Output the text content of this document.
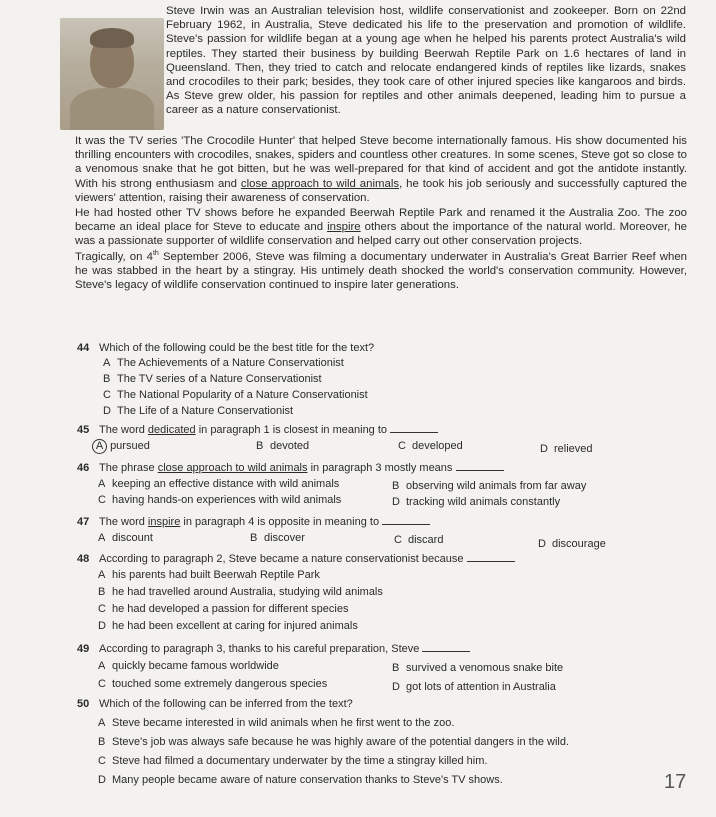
Steve Irwin was an Australian television host, wildlife conservationist and zookeeper. Born on 22nd February 1962, in Australia, Steve dedicated his life to the preservation and promotion of wildlife. Steve's passion for wildlife began at a young age when he helped his parents protect Australia's wild reptiles. They started their business by building Beerwah Reptile Park on 1.6 hectares of land in Queensland. Then, they tried to catch and relocate endangered kinds of reptiles like lizards, snakes and crocodiles to their park; besides, they took care of other injured species like kangaroos and birds. As Steve grew older, his passion for reptiles and other animals deepened, leading him to pursue a career as a nature conservationist.

It was the TV series 'The Crocodile Hunter' that helped Steve become internationally famous. His show documented his thrilling encounters with crocodiles, snakes, spiders and countless other creatures. In some scenes, Steve got so close to a venomous snake that he got bitten, but he was well-prepared for that kind of accident and got the antidote instantly. With his strong enthusiasm and close approach to wild animals, he took his job seriously and successfully captured the viewers' attention, raising their awareness of conservation.

He had hosted other TV shows before he expanded Beerwah Reptile Park and renamed it the Australia Zoo. The zoo became an ideal place for Steve to educate and inspire others about the importance of the natural world. Moreover, he was a passionate supporter of wildlife conservation and helped carry out other conservation projects.

Tragically, on 4th September 2006, Steve was filming a documentary underwater in Australia's Great Barrier Reef when he was stabbed in the heart by a stingray. His untimely death shocked the world's conservation community. However, Steve's legacy of wildlife conservation continued to inspire later generations.

44 Which of the following could be the best title for the text?
A The Achievements of a Nature Conservationist
B The TV series of a Nature Conservationist
C The National Popularity of a Nature Conservationist
D The Life of a Nature Conservationist
45 The word dedicated in paragraph 1 is closest in meaning to
A pursued	B devoted	C developed	D relieved
46 The phrase close approach to wild animals in paragraph 3 mostly means
A keeping an effective distance with wild animals	B observing wild animals from far away
C having hands-on experiences with wild animals	D tracking wild animals constantly
47 The word inspire in paragraph 4 is opposite in meaning to
A discount	B discover	C discard	D discourage
48 According to paragraph 2, Steve became a nature conservationist because
A his parents had built Beerwah Reptile Park
B he had travelled around Australia, studying wild animals
C he had developed a passion for different species
D he had been excellent at caring for injured animals
49 According to paragraph 3, thanks to his careful preparation, Steve
A quickly became famous worldwide	B survived a venomous snake bite
C touched some extremely dangerous species	D got lots of attention in Australia
50 Which of the following can be inferred from the text?
A Steve became interested in wild animals when he first went to the zoo.
B Steve's job was always safe because he was highly aware of the potential dangers in the wild.
C Steve had filmed a documentary underwater by the time a stingray killed him.
D Many people became aware of nature conservation thanks to Steve's TV shows.	17
